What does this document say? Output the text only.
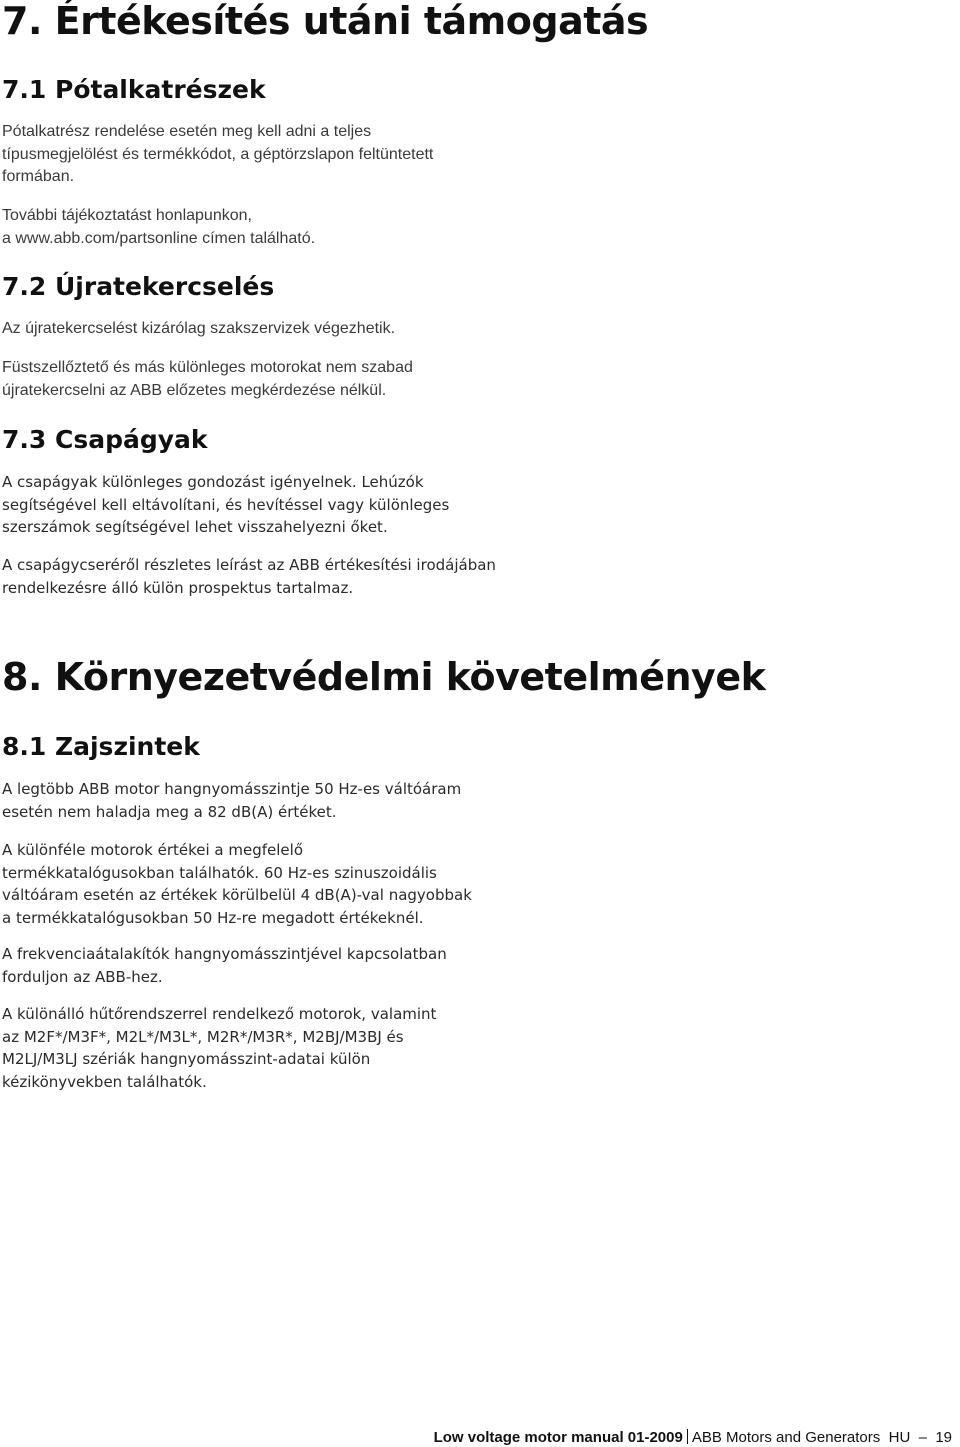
7. Értékesítés utáni támogatás
7.1 Pótalkatrészek

Pótalkatrész rendelése esetén meg kell adni a teljes
típusmegjelölést és termékkódot, a géptörzslapon feltüntetett
formában.

További tájékoztatást honlapunkon,
a www.abb.com/partsonline címen található.

7.2 Újratekercselés

Az újratekercselést kizárólag szakszervizek végezhetik.

Füstszellőztető és más különleges motorokat nem szabad
újratekercselni az ABB előzetes megkérdezése nélkül.

7.3 Csapágyak

A csapágyak különleges gondozást igényelnek. Lehúzók
segítségével kell eltávolítani, és hevítéssel vagy különleges
szerszámok segítségével lehet visszahelyezni őket.

A csapágycseréről részletes leírást az ABB értékesítési irodájában
rendelkezésre álló külön prospektus tartalmaz.

8. Környezetvédelmi követelmények
8.1 Zajszintek

A legtöbb ABB motor hangnyomásszintje 50 Hz-es váltóáram
esetén nem haladja meg a 82 dB(A) értéket.

A különféle motorok értékei a megfelelő
termékkatalógusokban találhatók. 60 Hz-es szinuszoidális
váltóáram esetén az értékek körülbelül 4 dB(A)-val nagyobbak
a termékkatalógusokban 50 Hz-re megadott értékeknél.

A frekvenciaátalakítók hangnyomásszintjével kapcsolatban
forduljon az ABB-hez.

A különálló hűtőrendszerrel rendelkező motorok, valamint
az M2F*/M3F*, M2L*/M3L*, M2R*/M3R*, M2BJ/M3BJ és
M2LJ/M3LJ szériák hangnyomásszint-adatai külön
kézikönyvekben találhatók.

Low voltage motor manual 01-2009 ABB Motors and Generators HU  –  19
